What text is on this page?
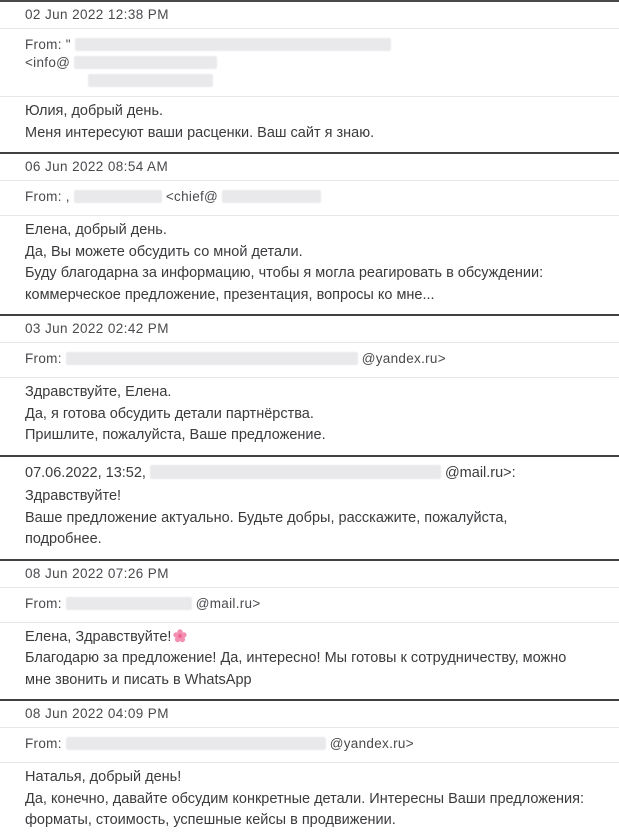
02 Jun 2022 12:38 PM
From: "
<info@

Юлия, добрый день.

Меня интересуют ваши расценки. Ваш сайт я знаю.

06 Jun 2022 08:54 AM
From: ,	<chief@

Елена, добрый день.

Да, Вы можете обсудить со мной детали.

Буду благодарна за информацию, чтобы я могла реагировать в обсуждении:

коммерческое предложение, презентация, вопросы ко мне...

03 Jun 2022 02:42 PM
From:	@yandex.ru>

Здравствуйте, Елена.

Да, я готова обсудить детали партнёрства.

Пришлите, пожалуйста, Ваше предложение.

07.06.2022, 13:52,	@mail.ru>:

Здравствуйте!

Ваше предложение актуально. Будьте добры, расскажите, пожалуйста,

подробнее.

08 Jun 2022 07:26 PM
From:	@mail.ru>

Елена, Здравствуйте!

Благодарю за предложение! Да, интересно! Мы готовы к сотрудничеству, можно

мне звонить и писать в WhatsApp

08 Jun 2022 04:09 PM
From:	@yandex.ru>

Наталья, добрый день!

Да, конечно, давайте обсудим конкретные детали. Интересны Ваши предложения:

форматы, стоимость, успешные кейсы в продвижении.
